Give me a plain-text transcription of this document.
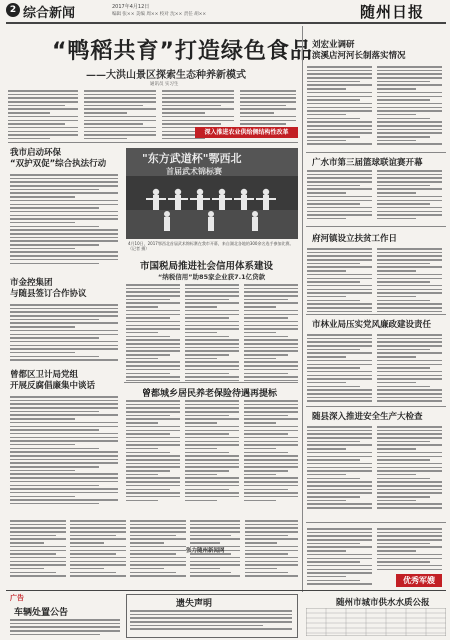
2 综合新闻	2017年4月12日
编辑 张×× 美编 周×× 校对 沈×× 责任 胡××	随州日报
“鸭稻共育”打造绿色食品
——大洪山景区探索生态种养新模式
通讯员 实习生
深入推进农业供给侧结构性改革
我市启动环保
“双护双促”综合执法行动
市金控集团
与随县签订合作协议
曾都区卫计局党组
开展反腐倡廉集中谈话
"东方武道杯"鄂西北
首届武术锦标赛
4月10日，2017鄂西北首届武术锦标赛在我市开幕，来自湖北各地的300余名选手参加比赛。（记者 摄）
市国税局推进社会信用体系建设
“纳税信用”助85家企业获7.1亿贷款
曾都城乡居民养老保险待遇再提标
张力随州新闻网
刘宏业调研
滨溪店河河长制落实情况
广水市第三届篮球联谊赛开幕
府河镇设立扶贫工作日
市林业局压实党风廉政建设责任
随县深入推进安全生产大检查
优秀军嫂
广告
车辆处置公告
遗失声明	随州市城市供水水质公报
